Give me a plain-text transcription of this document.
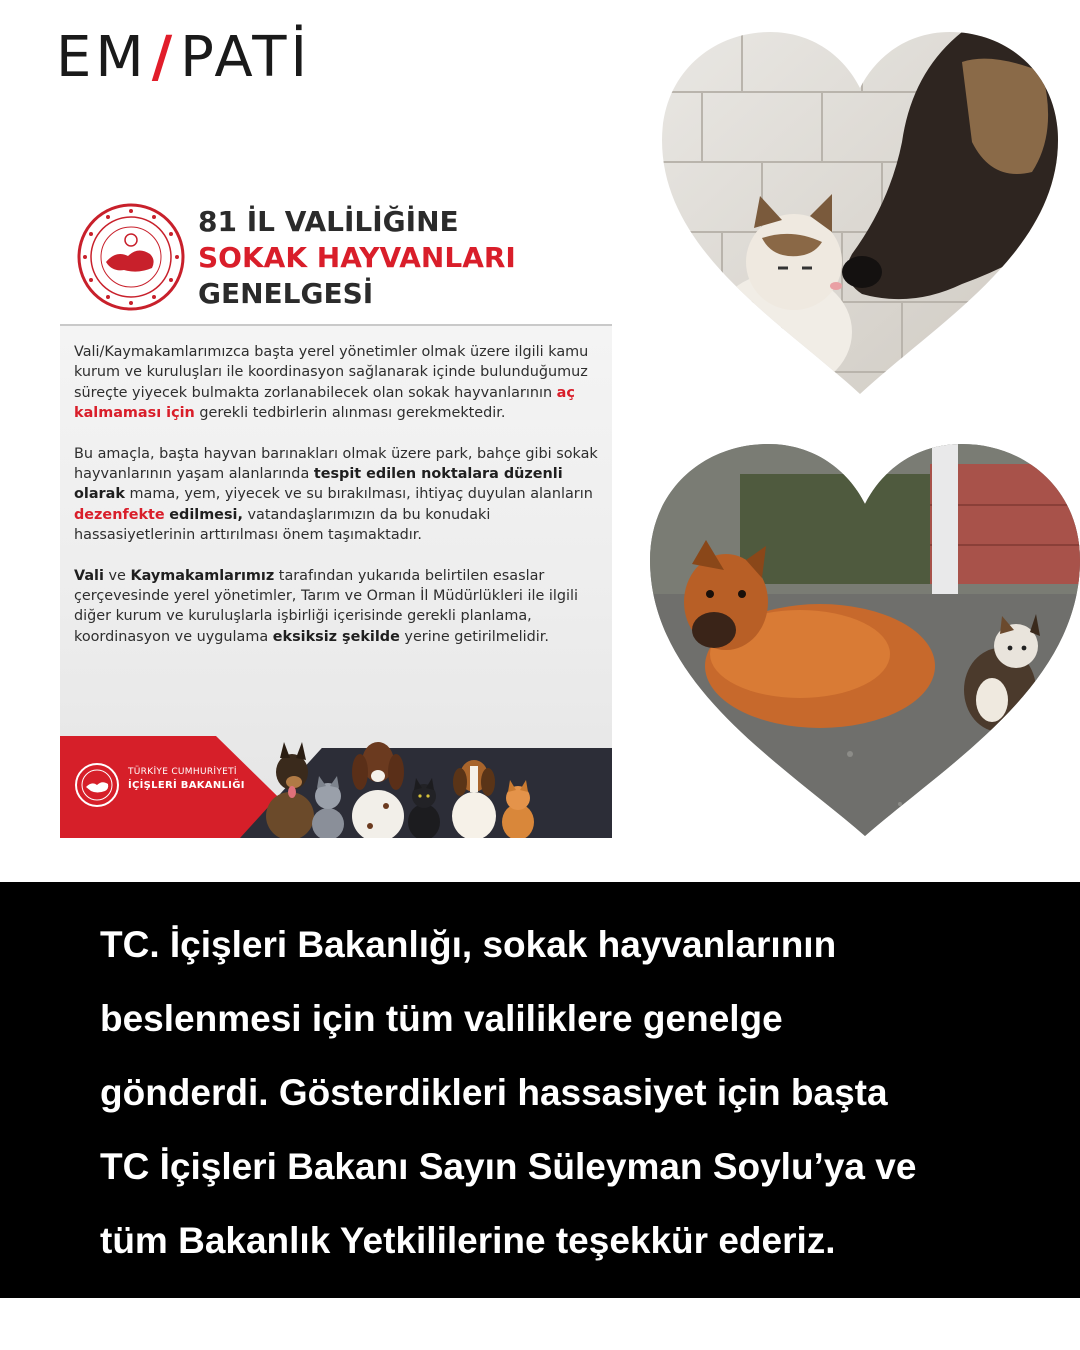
EM / PATİ
81 İL VALİLİĞİNE
SOKAK HAYVANLARI
GENELGESİ

Vali/Kaymakamlarımızca başta yerel yönetimler olmak üzere ilgili kamu kurum ve kuruluşları ile koordinasyon sağlanarak içinde bulunduğumuz süreçte yiyecek bulmakta zorlanabilecek olan sokak hayvanlarının aç kalmaması için gerekli tedbirlerin alınması gerekmektedir.

Bu amaçla, başta hayvan barınakları olmak üzere park, bahçe gibi sokak hayvanlarının yaşam alanlarında tespit edilen noktalara düzenli olarak mama, yem, yiyecek ve su bırakılması, ihtiyaç duyulan alanların dezenfekte edilmesi, vatandaşlarımızın da bu konudaki hassasiyetlerinin arttırılması önem taşımaktadır.

Vali ve Kaymakamlarımız tarafından yukarıda belirtilen esaslar çerçevesinde yerel yönetimler, Tarım ve Orman İl Müdürlükleri ile ilgili diğer kurum ve kuruluşlarla işbirliği içerisinde gerekli planlama, koordinasyon ve uygulama eksiksiz şekilde yerine getirilmelidir.

TÜRKİYE CUMHURİYETİ
İÇİŞLERİ BAKANLIĞI
TC. İçişleri Bakanlığı, sokak hayvanlarının
beslenmesi için tüm valiliklere genelge
gönderdi. Gösterdikleri hassasiyet için başta
TC İçişleri Bakanı Sayın Süleyman Soylu’ya ve
tüm Bakanlık Yetkililerine teşekkür ederiz.
